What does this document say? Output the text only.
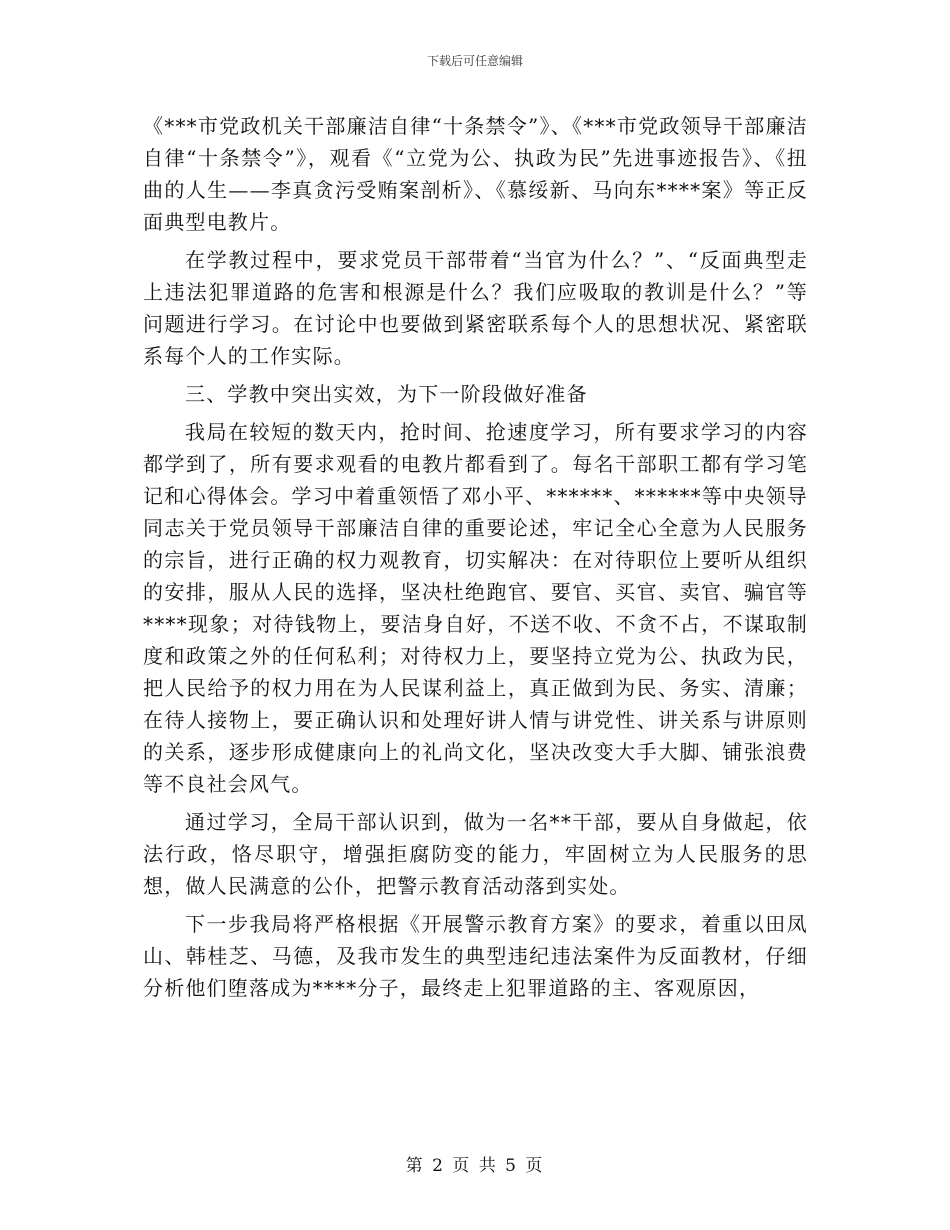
下载后可任意编辑

《***市党政机关干部廉洁自律“十条禁令”》、《***市党政领导干部廉洁自律“十条禁令”》，观看《“立党为公、执政为民”先进事迹报告》、《扭曲的人生——李真贪污受贿案剖析》、《慕绥新、马向东****案》等正反面典型电教片。

在学教过程中，要求党员干部带着“当官为什么？”、“反面典型走上违法犯罪道路的危害和根源是什么？我们应吸取的教训是什么？”等问题进行学习。在讨论中也要做到紧密联系每个人的思想状况、紧密联系每个人的工作实际。

三、学教中突出实效，为下一阶段做好准备

我局在较短的数天内，抢时间、抢速度学习，所有要求学习的内容都学到了，所有要求观看的电教片都看到了。每名干部职工都有学习笔记和心得体会。学习中着重领悟了邓小平、******、******等中央领导同志关于党员领导干部廉洁自律的重要论述，牢记全心全意为人民服务的宗旨，进行正确的权力观教育，切实解决：在对待职位上要听从组织的安排，服从人民的选择，坚决杜绝跑官、要官、买官、卖官、骗官等****现象；对待钱物上，要洁身自好，不送不收、不贪不占，不谋取制度和政策之外的任何私利；对待权力上，要坚持立党为公、执政为民，把人民给予的权力用在为人民谋利益上，真正做到为民、务实、清廉；在待人接物上，要正确认识和处理好讲人情与讲党性、讲关系与讲原则的关系，逐步形成健康向上的礼尚文化，坚决改变大手大脚、铺张浪费等不良社会风气。

通过学习，全局干部认识到，做为一名**干部，要从自身做起，依法行政，恪尽职守，增强拒腐防变的能力，牢固树立为人民服务的思想，做人民满意的公仆，把警示教育活动落到实处。

下一步我局将严格根据《开展警示教育方案》的要求，着重以田凤山、韩桂芝、马德，及我市发生的典型违纪违法案件为反面教材，仔细分析他们堕落成为****分子，最终走上犯罪道路的主、客观原因，

第 2 页 共 5 页
